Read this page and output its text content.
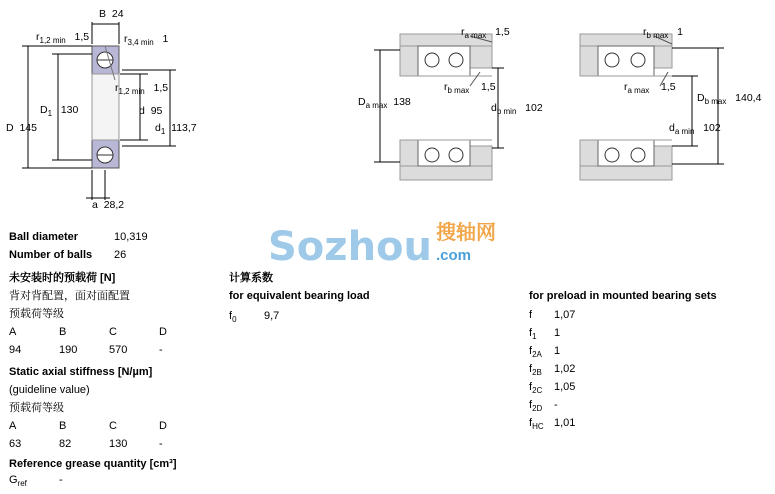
B 24
$r_{1,2 min}$ 1,5	$r_{3,4 min}$ 1
$r_{1,2 min}$ 1,5
d 95
$d_1$ 113,7
$D_1$ 130
D 145
a 28,2
$r_{a max}$ 1,5
$D_{a max}$ 138
$r_{b max}$ 1,5
$d_{b min}$ 102
$r_{b max}$ 1
$r_{a max}$ 1,5
$D_{b max}$ 140,4
$d_{a min}$ 102
Sozhou 搜轴网
.com
Ball diameter	10,319
Number of balls 26
未安装时的预载荷 [N]
背对背配置，面对面配置
预载荷等级
A	B	C	D
94	190	570	-
Static axial stiffness [N/µm]
(guideline value)
预载荷等级
A	B	C	D
63	82	130	-
Reference grease quantity [cm³]
$G_{ref}$	-
计算系数
for equivalent bearing load
$f_0$ 9,7
for preload in mounted bearing sets
f 1,07
$f_1$ 1
$f_{2A}$ 1
$f_{2B}$ 1,02
$f_{2C}$ 1,05
$f_{2D}$ -
$f_{HC}$ 1,01
